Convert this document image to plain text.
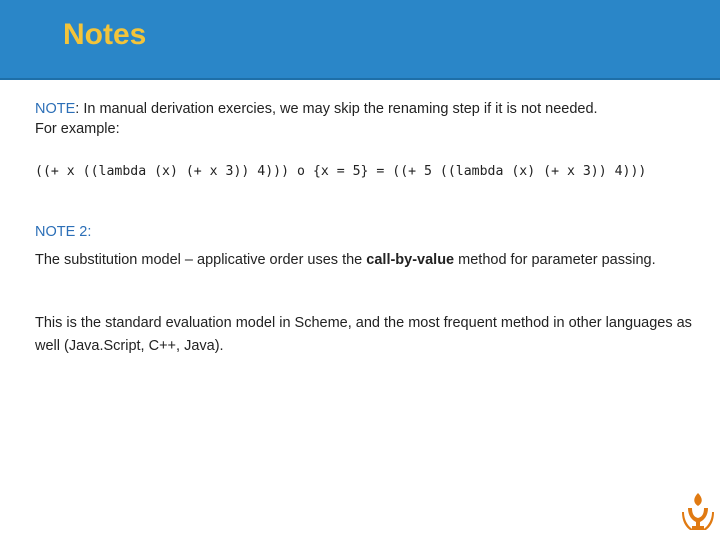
Notes

NOTE: In manual derivation exercies, we may skip the renaming step if it is not needed.
For example:

((+ x ((lambda (x) (+ x 3)) 4))) o {x = 5} = ((+ 5 ((lambda (x) (+ x 3)) 4)))
NOTE 2:

The substitution model – applicative order uses the call-by-value method for parameter passing.

This is the standard evaluation model in Scheme, and the most frequent method in other languages as well (Java.Script, C++, Java).
